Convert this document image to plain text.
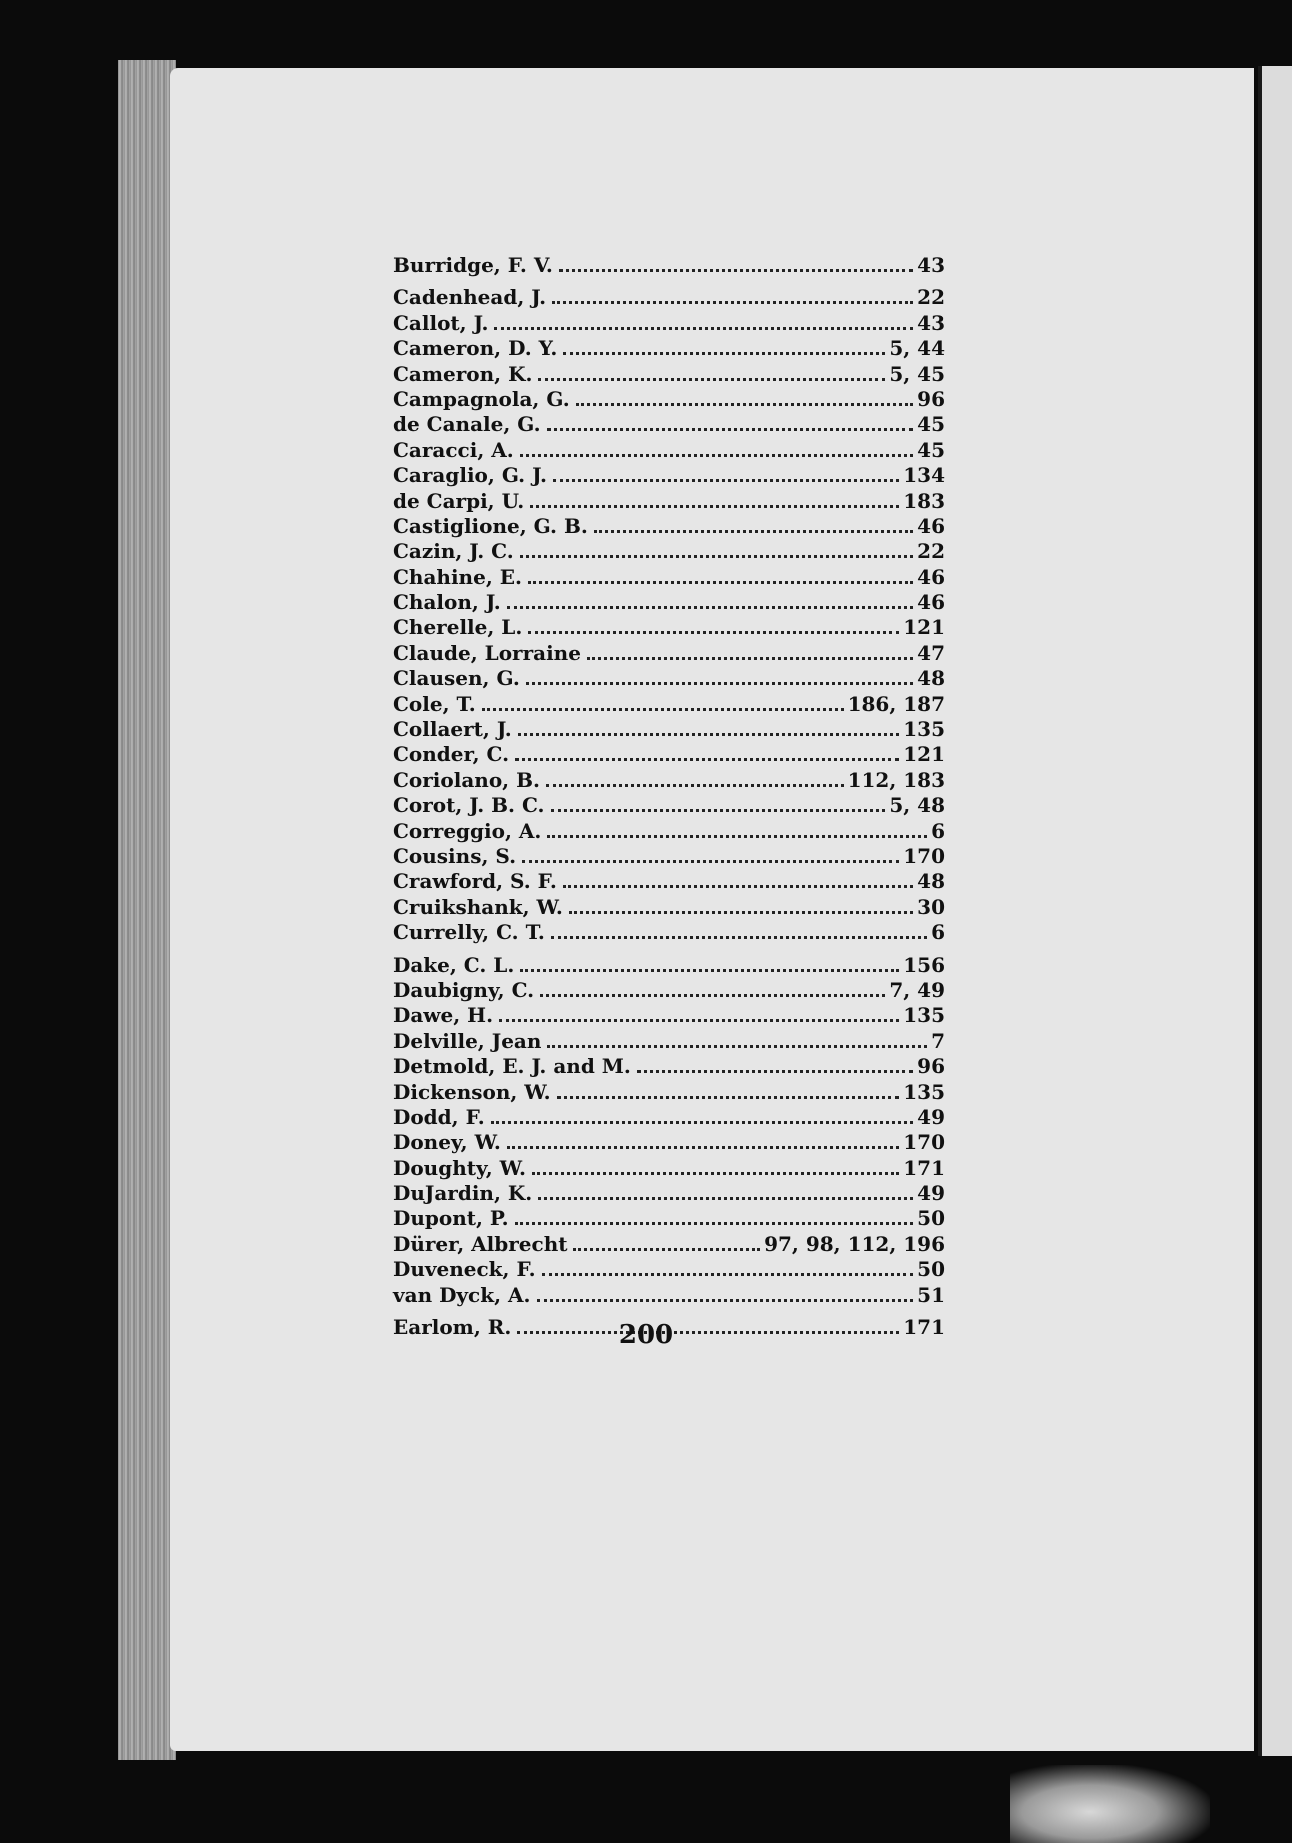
Burridge, F. V.	43
Cadenhead, J.	22
Callot, J.	43
Cameron, D. Y.	5, 44
Cameron, K.	5, 45
Campagnola, G.	96
de Canale, G.	45
Caracci, A.	45
Caraglio, G. J.	134
de Carpi, U.	183
Castiglione, G. B.	46
Cazin, J. C.	22
Chahine, E.	46
Chalon, J.	46
Cherelle, L.	121
Claude, Lorraine	47
Clausen, G.	48
Cole, T.	186, 187
Collaert, J.	135
Conder, C.	121
Coriolano, B.	112, 183
Corot, J. B. C.	5, 48
Correggio, A.	6
Cousins, S.	170
Crawford, S. F.	48
Cruikshank, W.	30
Currelly, C. T.	6
Dake, C. L.	156
Daubigny, C.	7, 49
Dawe, H.	135
Delville, Jean	7
Detmold, E. J. and M.	96
Dickenson, W.	135
Dodd, F.	49
Doney, W.	170
Doughty, W.	171
DuJardin, K.	49
Dupont, P.	50
Dürer, Albrecht	97, 98, 112, 196
Duveneck, F.	50
van Dyck, A.	51
Earlom, R.	171
200
